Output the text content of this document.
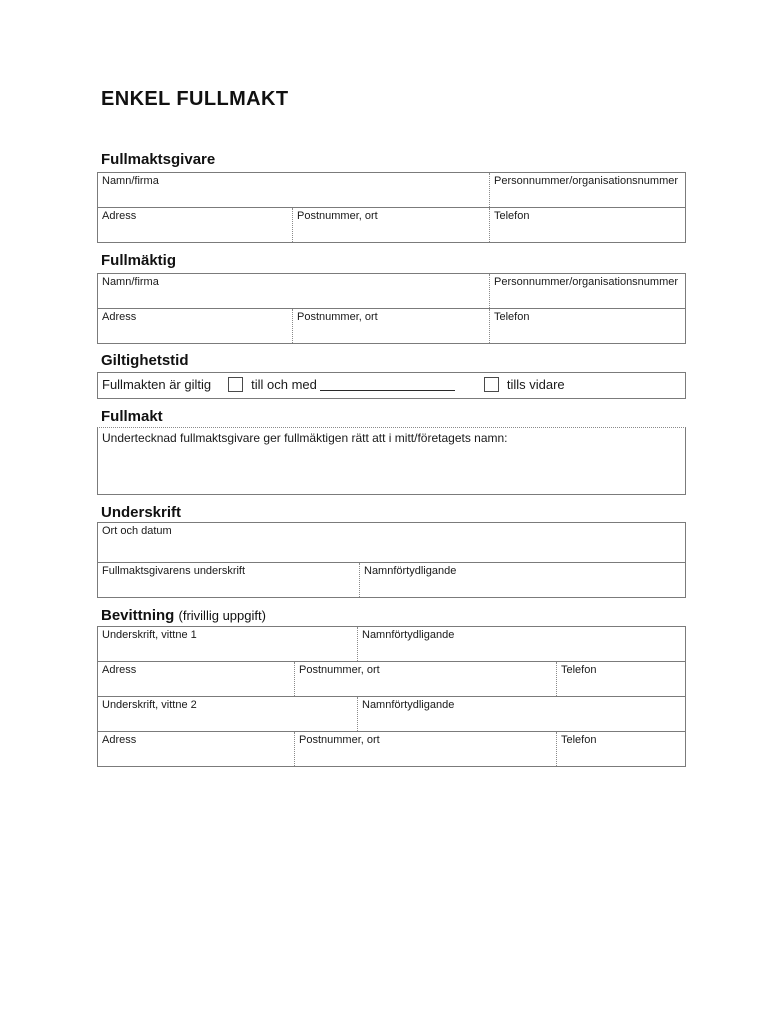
ENKEL FULLMAKT
Fullmaktsgivare
Namn/firma	Personnummer/organisationsnummer
Adress	Postnummer, ort	Telefon
Fullmäktig
Namn/firma	Personnummer/organisationsnummer
Adress	Postnummer, ort	Telefon
Giltighetstid
Fullmakten är giltig	till och med	tills vidare
Fullmakt
Undertecknad fullmaktsgivare ger fullmäktigen rätt att i mitt/företagets namn:
Underskrift
Ort och datum
Fullmaktsgivarens underskrift	Namnförtydligande
Bevittning (frivillig uppgift)
Underskrift, vittne 1	Namnförtydligande
Adress	Postnummer, ort	Telefon
Underskrift, vittne 2	Namnförtydligande
Adress	Postnummer, ort	Telefon
